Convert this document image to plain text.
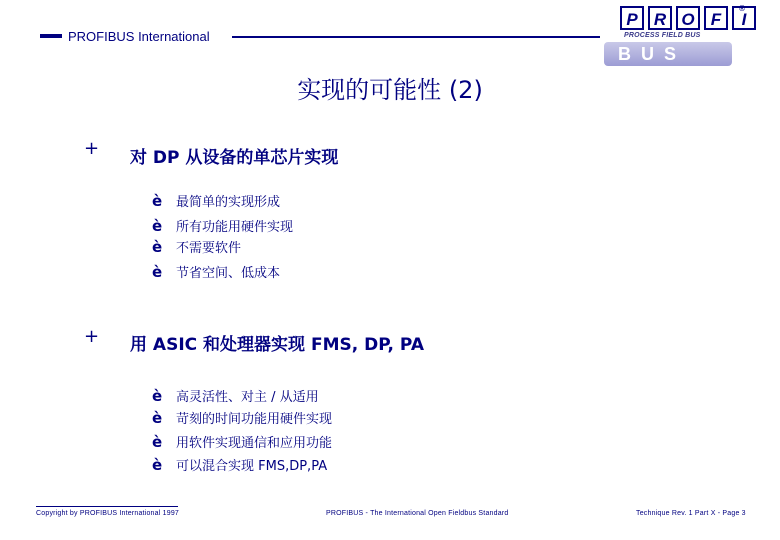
PROFIBUS International
P R O F	I
®
PROCESS FIELD BUS
B U S
实现的可能性 (2)
+ 对 DP 从设备的单芯片实现
è 最简单的实现形成
è 所有功能用硬件实现
è 不需要软件
è 节省空间、低成本
+ 用 ASIC 和处理器实现 FMS, DP, PA
è 高灵活性、对主 / 从适用
è 苛刻的时间功能用硬件实现
è 用软件实现通信和应用功能
è 可以混合实现 FMS,DP,PA
Copyright by PROFIBUS International 1997	PROFIBUS - The International Open Fieldbus Standard	Technique Rev. 1 Part X - Page 3
